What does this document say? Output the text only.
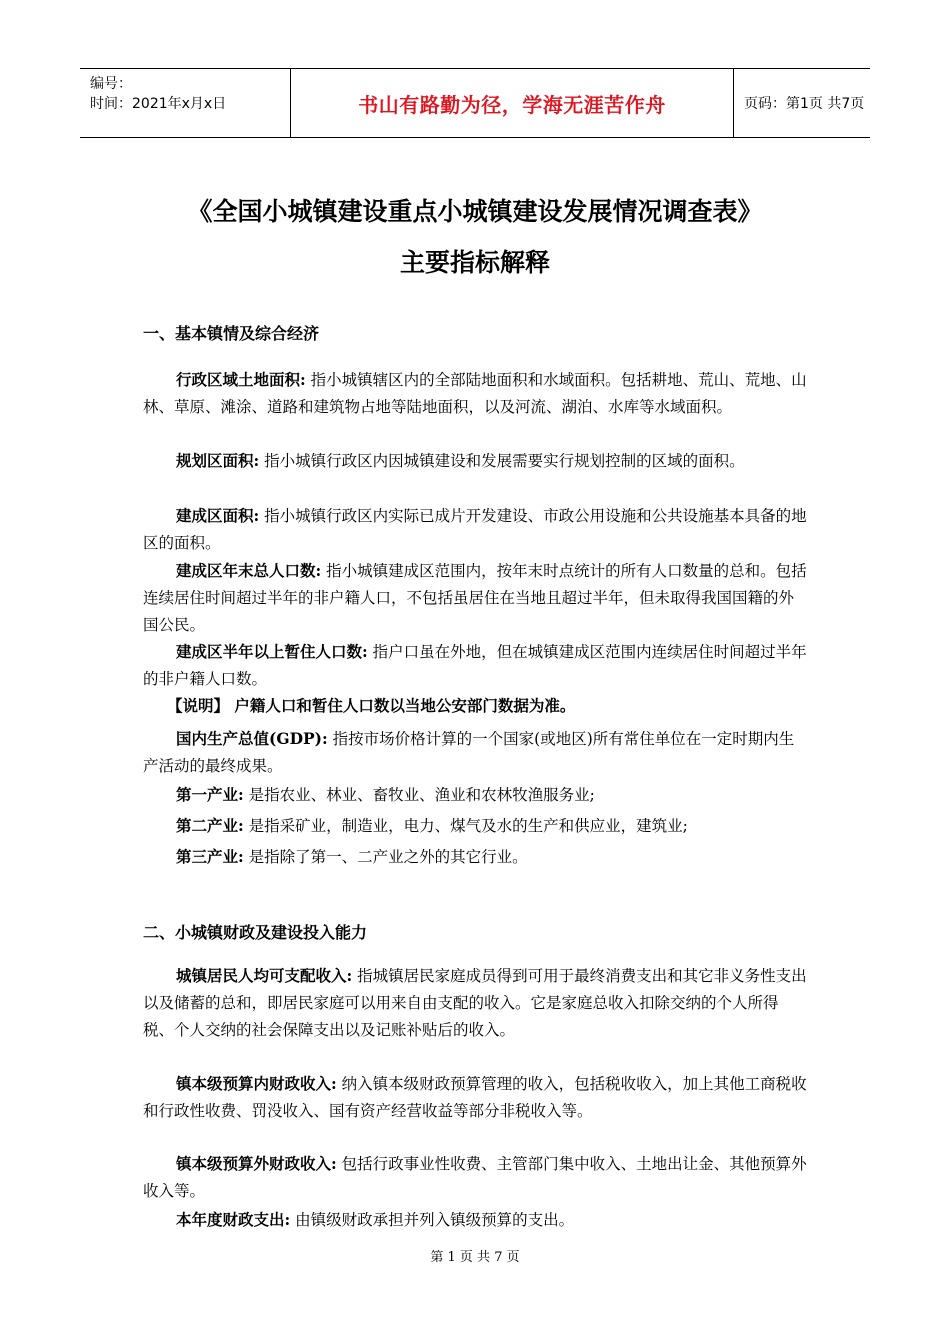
编号：
时间：2021年x月x日	书山有路勤为径，学海无涯苦作舟	页码：第1页 共7页
《全国小城镇建设重点小城镇建设发展情况调查表》
主要指标解释
一、基本镇情及综合经济
行政区域土地面积: 指小城镇辖区内的全部陆地面积和水域面积。包括耕地、荒山、荒地、山林、草原、滩涂、道路和建筑物占地等陆地面积，以及河流、湖泊、水库等水域面积。
规划区面积: 指小城镇行政区内因城镇建设和发展需要实行规划控制的区域的面积。
建成区面积: 指小城镇行政区内实际已成片开发建设、市政公用设施和公共设施基本具备的地区的面积。
建成区年末总人口数: 指小城镇建成区范围内，按年末时点统计的所有人口数量的总和。包括连续居住时间超过半年的非户籍人口，不包括虽居住在当地且超过半年，但未取得我国国籍的外国公民。
建成区半年以上暂住人口数: 指户口虽在外地，但在城镇建成区范围内连续居住时间超过半年的非户籍人口数。
【说明】 户籍人口和暂住人口数以当地公安部门数据为准。
国内生产总值(GDP): 指按市场价格计算的一个国家(或地区)所有常住单位在一定时期内生产活动的最终成果。
第一产业: 是指农业、林业、畜牧业、渔业和农林牧渔服务业;
第二产业: 是指采矿业，制造业，电力、煤气及水的生产和供应业，建筑业;
第三产业: 是指除了第一、二产业之外的其它行业。
二、小城镇财政及建设投入能力
城镇居民人均可支配收入: 指城镇居民家庭成员得到可用于最终消费支出和其它非义务性支出以及储蓄的总和，即居民家庭可以用来自由支配的收入。它是家庭总收入扣除交纳的个人所得税、个人交纳的社会保障支出以及记账补贴后的收入。
镇本级预算内财政收入: 纳入镇本级财政预算管理的收入，包括税收收入，加上其他工商税收和行政性收费、罚没收入、国有资产经营收益等部分非税收入等。
镇本级预算外财政收入: 包括行政事业性收费、主管部门集中收入、土地出让金、其他预算外收入等。
本年度财政支出: 由镇级财政承担并列入镇级预算的支出。
第 1 页 共 7 页
